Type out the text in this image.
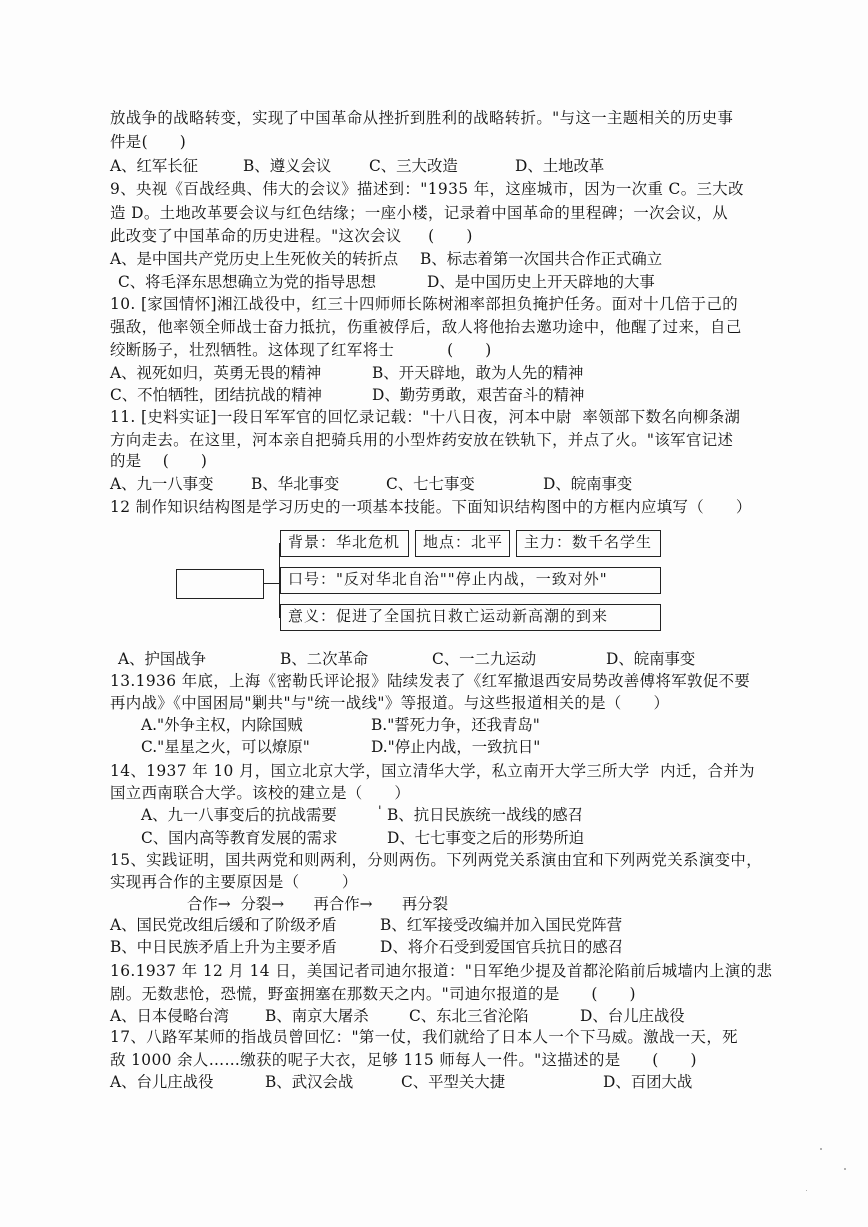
放战争的战略转变，实现了中国革命从挫折到胜利的战略转折。"与这一主题相关的历史事
件是(      )
A、红军长征	B、遵义会议 C、三大改造	D、土地改革
9、央视《百战经典、伟大的会议》描述到："1935 年，这座城市，因为一次重 C。三大改
造 D。土地改革要会议与红色结缘；一座小楼，记录着中国革命的里程碑；一次会议，从
此改变了中国革命的历史进程。"这次会议     (      )
A、是中国共产党历史上生死攸关的转折点 B、标志着第一次国共合作正式确立
C、将毛泽东思想确立为党的指导思想	D、是中国历史上开天辟地的大事
10. [家国情怀]湘江战役中，红三十四师师长陈树湘率部担负掩护任务。面对十几倍于己的
强敌，他率领全师战士奋力抵抗，伤重被俘后，敌人将他抬去邀功途中，他醒了过来，自己
绞断肠子，壮烈牺牲。这体现了红军将士          (      )
A、视死如归，英勇无畏的精神	B、开天辟地，敢为人先的精神
C、不怕牺牲，团结抗战的精神	D、勤劳勇敢，艰苦奋斗的精神
11. [史料实证]一段日军军官的回忆录记载："十八日夜，河本中尉  率领部下数名向柳条湖
方向走去。在这里，河本亲自把骑兵用的小型炸药安放在铁轨下，并点了火。"该军官记述
的是    (      )
A、九一八事变 B、华北事变	C、七七事变	D、皖南事变
12 制作知识结构图是学习历史的一项基本技能。下面知识结构图中的方框内应填写（      ）
背景：华北危机	地点：北平	主力：数千名学生
口号："反对华北自治""停止内战，一致对外"
意义：促进了全国抗日救亡运动新高潮的到来
A、护国战争	B、二次革命	C、一二九运动	D、皖南事变
13.1936 年底，上海《密勒氏评论报》陆续发表了《红军撤退西安局势改善傅将军敦促不要
再内战》《中国困局"剿共"与"统一战线"》等报道。与这些报道相关的是（      ）
A."外争主权，内除国贼	B."誓死力争，还我青岛"
C."星星之火，可以燎原"	D."停止内战，一致抗日"
14、1937 年 10 月，国立北京大学，国立清华大学，私立南开大学三所大学  内迁，合并为
国立西南联合大学。该校的建立是（      ）
A、九一八事变后的抗战需要	' B、抗日民族统一战线的感召
C、国内高等教育发展的需求	D、七七事变之后的形势所迫
15、实践证明，国共两党和则两利，分则两伤。下列两党关系演由宜和下列两党关系演变中，
实现再合作的主要原因是（        ）
合作→  分裂→      再合作→      再分裂
A、国民党改组后缓和了阶级矛盾	B、红军接受改编并加入国民党阵营
B、中日民族矛盾上升为主要矛盾	D、将介石受到爱国官兵抗日的感召
16.1937 年 12 月 14 日，美国记者司迪尔报道："日军绝少提及首都沦陷前后城墙内上演的悲
剧。无数悲怆，恐慌，野蛮拥塞在那数天之内。"司迪尔报道的是      (      )
A、日本侵略台湾 B、南京大屠杀	C、东北三省沦陷	D、台儿庄战役
17、八路军某师的指战员曾回忆："第一仗，我们就给了日本人一个下马威。激战一天，死
敌 1000 余人……缴获的呢子大衣，足够 115 师每人一件。"这描述的是      (      )
A、台儿庄战役	B、武汉会战	C、平型关大捷	D、百团大战
